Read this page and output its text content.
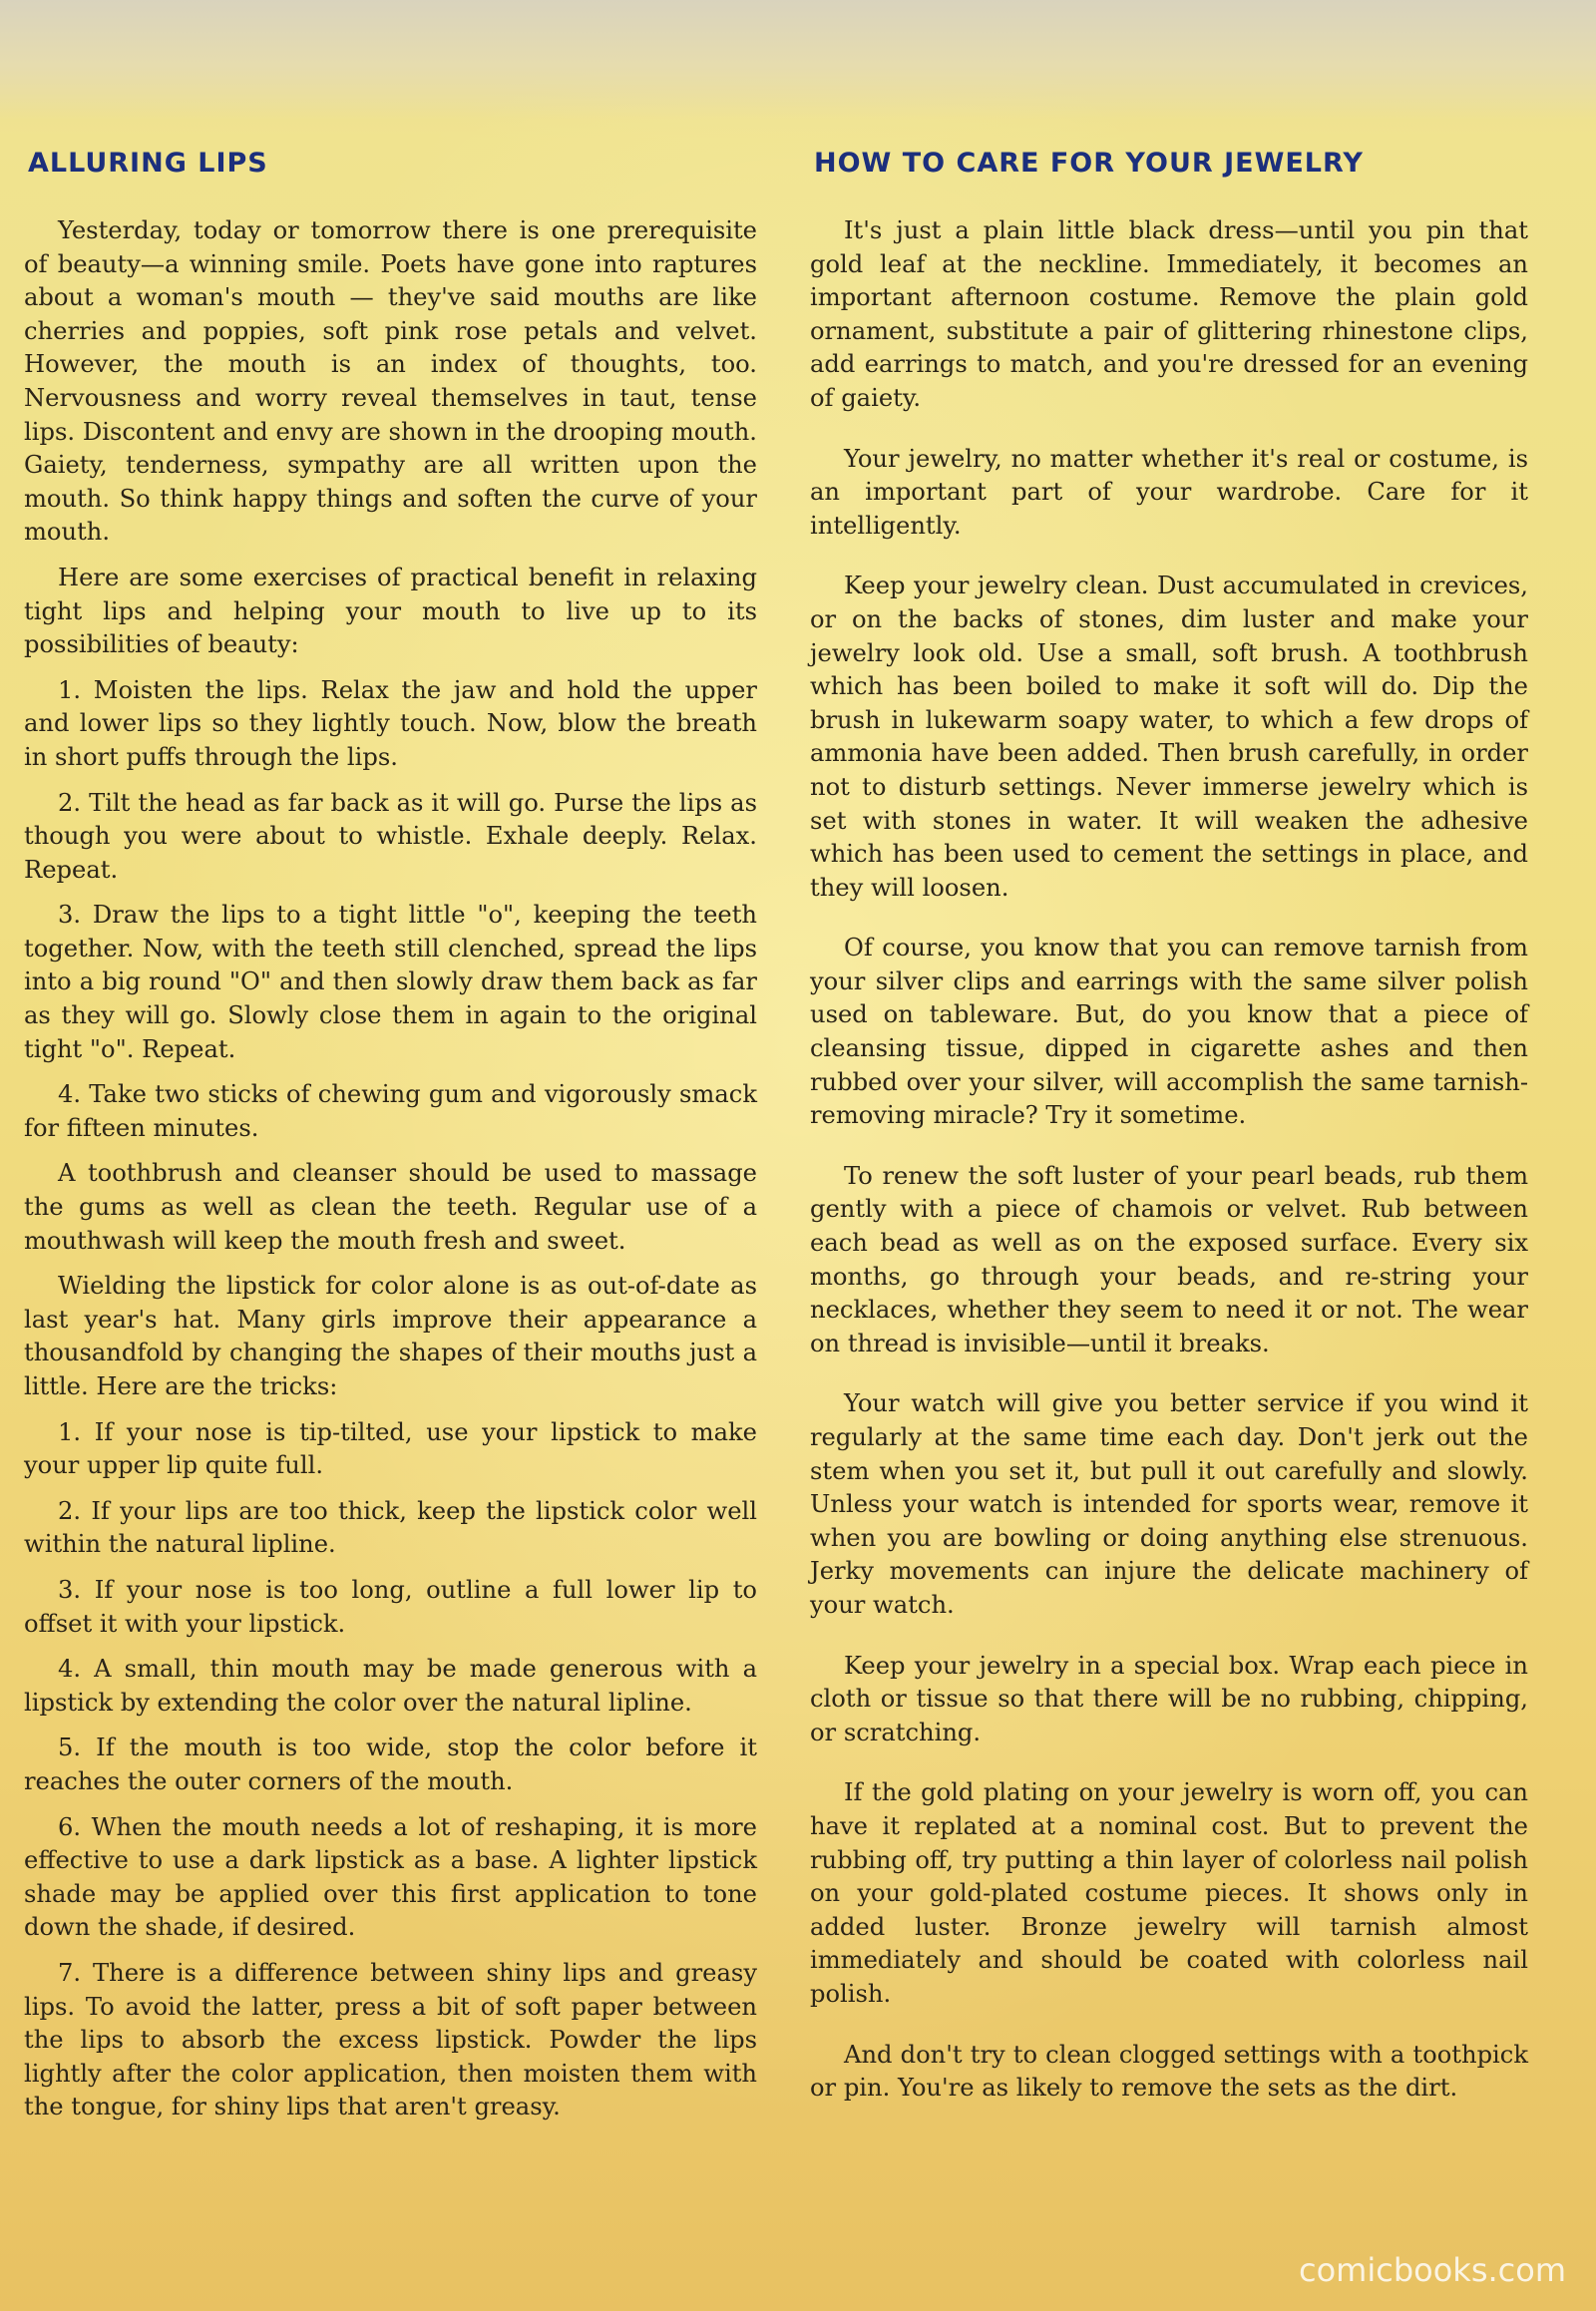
ALLURING LIPS

Yesterday, today or tomorrow there is one prerequisite of beauty—a winning smile. Poets have gone into raptures about a woman's mouth — they've said mouths are like cherries and poppies, soft pink rose petals and velvet. However, the mouth is an index of thoughts, too. Nervousness and worry reveal themselves in taut, tense lips. Discontent and envy are shown in the drooping mouth. Gaiety, tenderness, sympathy are all written upon the mouth. So think happy things and soften the curve of your mouth.

Here are some exercises of practical benefit in relaxing tight lips and helping your mouth to live up to its possibilities of beauty:

1. Moisten the lips. Relax the jaw and hold the upper and lower lips so they lightly touch. Now, blow the breath in short puffs through the lips.

2. Tilt the head as far back as it will go. Purse the lips as though you were about to whistle. Exhale deeply. Relax. Repeat.

3. Draw the lips to a tight little "o", keeping the teeth together. Now, with the teeth still clenched, spread the lips into a big round "O" and then slowly draw them back as far as they will go. Slowly close them in again to the original tight "o". Repeat.

4. Take two sticks of chewing gum and vigorously smack for fifteen minutes.

A toothbrush and cleanser should be used to massage the gums as well as clean the teeth. Regular use of a mouthwash will keep the mouth fresh and sweet.

Wielding the lipstick for color alone is as out-of-date as last year's hat. Many girls improve their appearance a thousandfold by changing the shapes of their mouths just a little. Here are the tricks:

1. If your nose is tip-tilted, use your lipstick to make your upper lip quite full.

2. If your lips are too thick, keep the lipstick color well within the natural lipline.

3. If your nose is too long, outline a full lower lip to offset it with your lipstick.

4. A small, thin mouth may be made generous with a lipstick by extending the color over the natural lipline.

5. If the mouth is too wide, stop the color before it reaches the outer corners of the mouth.

6. When the mouth needs a lot of reshaping, it is more effective to use a dark lipstick as a base. A lighter lipstick shade may be applied over this first application to tone down the shade, if desired.

7. There is a difference between shiny lips and greasy lips. To avoid the latter, press a bit of soft paper between the lips to absorb the excess lipstick. Powder the lips lightly after the color application, then moisten them with the tongue, for shiny lips that aren't greasy.

HOW TO CARE FOR YOUR JEWELRY

It's just a plain little black dress—until you pin that gold leaf at the neckline. Immediately, it becomes an important afternoon costume. Remove the plain gold ornament, substitute a pair of glittering rhinestone clips, add earrings to match, and you're dressed for an evening of gaiety.

Your jewelry, no matter whether it's real or costume, is an important part of your wardrobe. Care for it intelligently.

Keep your jewelry clean. Dust accumulated in crevices, or on the backs of stones, dim luster and make your jewelry look old. Use a small, soft brush. A toothbrush which has been boiled to make it soft will do. Dip the brush in lukewarm soapy water, to which a few drops of ammonia have been added. Then brush carefully, in order not to disturb settings. Never immerse jewelry which is set with stones in water. It will weaken the adhesive which has been used to cement the settings in place, and they will loosen.

Of course, you know that you can remove tarnish from your silver clips and earrings with the same silver polish used on tableware. But, do you know that a piece of cleansing tissue, dipped in cigarette ashes and then rubbed over your silver, will accomplish the same tarnish-removing miracle? Try it sometime.

To renew the soft luster of your pearl beads, rub them gently with a piece of chamois or velvet. Rub between each bead as well as on the exposed surface. Every six months, go through your beads, and re-string your necklaces, whether they seem to need it or not. The wear on thread is invisible—until it breaks.

Your watch will give you better service if you wind it regularly at the same time each day. Don't jerk out the stem when you set it, but pull it out carefully and slowly. Unless your watch is intended for sports wear, remove it when you are bowling or doing anything else strenuous. Jerky movements can injure the delicate machinery of your watch.

Keep your jewelry in a special box. Wrap each piece in cloth or tissue so that there will be no rubbing, chipping, or scratching.

If the gold plating on your jewelry is worn off, you can have it replated at a nominal cost. But to prevent the rubbing off, try putting a thin layer of colorless nail polish on your gold-plated costume pieces. It shows only in added luster. Bronze jewelry will tarnish almost immediately and should be coated with colorless nail polish.

And don't try to clean clogged settings with a toothpick or pin. You're as likely to remove the sets as the dirt.

comicbooks.com
